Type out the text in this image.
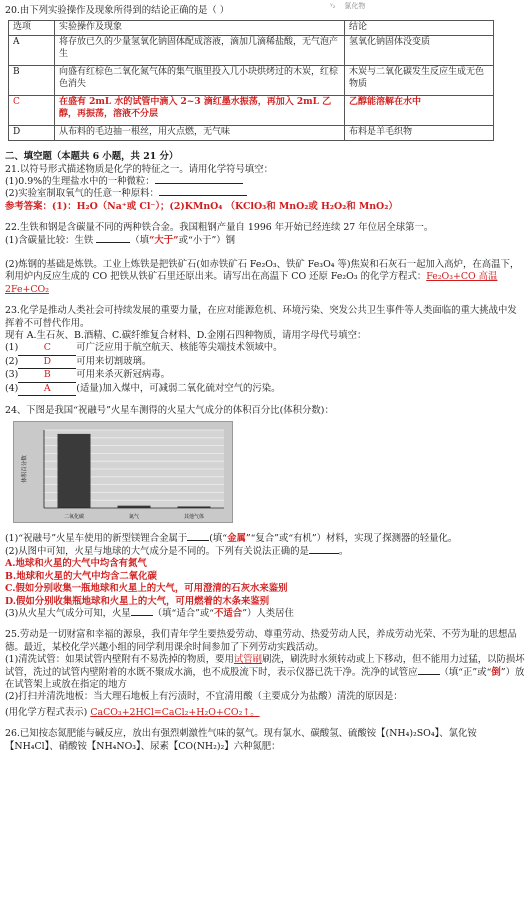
ᵞ₂    氯化物

20.由下列实验操作及现象所得到的结论正确的是（ ）

选项	实验操作及现象	结论
A	将存放已久的少量氢氧化钠固体配成溶液，滴加几滴稀盐酸，无气泡产生	氢氧化钠固体没变质
B	向盛有红棕色二氧化氮气体的集气瓶里投入几小块烘烤过的木炭，红棕色消失	木炭与二氧化碳发生反应生成无色物质
C	在盛有 2mL 水的试管中滴入 2~3 滴红墨水振荡，再加入 2mL 乙醇，再振荡，溶液不分层	乙醇能溶解在水中
D	从布料的毛边抽一根丝，用火点燃，无气味	布料是羊毛织物

二、填空题（本题共 6 小题，共 21 分）

21.以符号形式描述物质是化学的特征之一。请用化学符号填空：

(1)0.9%的生理盐水中的一种微粒：

(2)实验室制取氧气的任意一种原料：

参考答案：(1)：H₂O（Na⁺或 Cl⁻）；(2)KMnO₄ （KClO₃和 MnO₂或 H₂O₂和 MnO₂）

22.生铁和钢是含碳量不同的两种铁合金。我国粗钢产量自 1996 年开始已经连续 27 年位居全球第一。

(1)含碳量比较：生铁	（填“大于”或“小于”）钢

(2)炼钢的基础是炼铁。工业上炼铁是把铁矿石(如赤铁矿石 Fe₂O₃、铁矿 Fe₃O₄ 等)焦炭和石灰石一起加入高炉，在高温下，利用炉内反应生成的 CO 把铁从铁矿石里还原出来。请写出在高温下 CO 还原 Fe₂O₃ 的化学方程式：Fe₂O₃+CO 高温 2Fe+CO₂

23.化学是推动人类社会可持续发展的重要力量，在应对能源危机、环境污染、突发公共卫生事件等人类面临的重大挑战中发挥着不可替代作用。

现有 A.生石灰、B.酒精、C.碳纤维复合材料、D.金刚石四种物质，请用字母代号填空：

(1)	C	可广泛应用于航空航天、核能等尖端技术领域中。

(2)	D	可用来切割玻璃。

(3)	B	可用来杀灭新冠病毒。

(4)	A	(适量)加入煤中，可减弱二氧化硫对空气的污染。

24、下图是我国“祝融号”火星车测得的火星大气成分的体积百分比(体积分数)：

体积百分数
二氧化碳	氮气	其他气体

(1)“祝融号”火星车使用的新型镁锂合金属于 (填“金属”“复合”或“有机”）材料，实现了探测器的轻量化。

(2)从图中可知，火星与地球的大气成分是不同的。下列有关说法正确的是	。

A.地球和火星的大气中均含有氮气

B.地球和火星的大气中均含二氧化碳

C.假如分别收集一瓶地球和火星上的大气，可用澄清的石灰水来鉴别

D.假如分别收集瓶地球和火星上的大气，可用燃着的木条来鉴别

(3)从火星大气成分可知，火星 （填“适合”或“不适合”）人类居住

25.劳动是一切财富和幸福的源泉，我们青年学生要热爱劳动、尊重劳动、热爱劳动人民，养成劳动光荣、不劳为耻的思想品德。最近，某校化学兴趣小组的同学利用课余时间参加了下列劳动实践活动。

(1)清洗试管：如果试管内壁附有不易洗掉的物质，要用试管刷刷洗，刷洗时水须转动或上下移动，但不能用力过猛，以防损坏试管，洗过的试管内壁附着的水既不聚成水滴，也不成股流下时，表示仪器已洗干净。洗净的试管应 （填“正”或“倒”）放在试管架上或放在指定的地方

(2)打扫并清洗地板：当大理石地板上有污渍时，不宜清用酸（主要成分为盐酸）清洗的原因是：

(用化学方程式表示) CaCO₃+2HCl=CaCl₂+H₂O+CO₂↑。

26.已知按态氮肥能与碱反应，放出有强烈刺激性气味的氨气。现有氯水、碳酸氢、硫酸铵【(NH₄)₂SO₄】、氯化铵【NH₄Cl】、硝酸铵【NH₄NO₃】、尿素【CO(NH₂)₂】六种氮肥：
